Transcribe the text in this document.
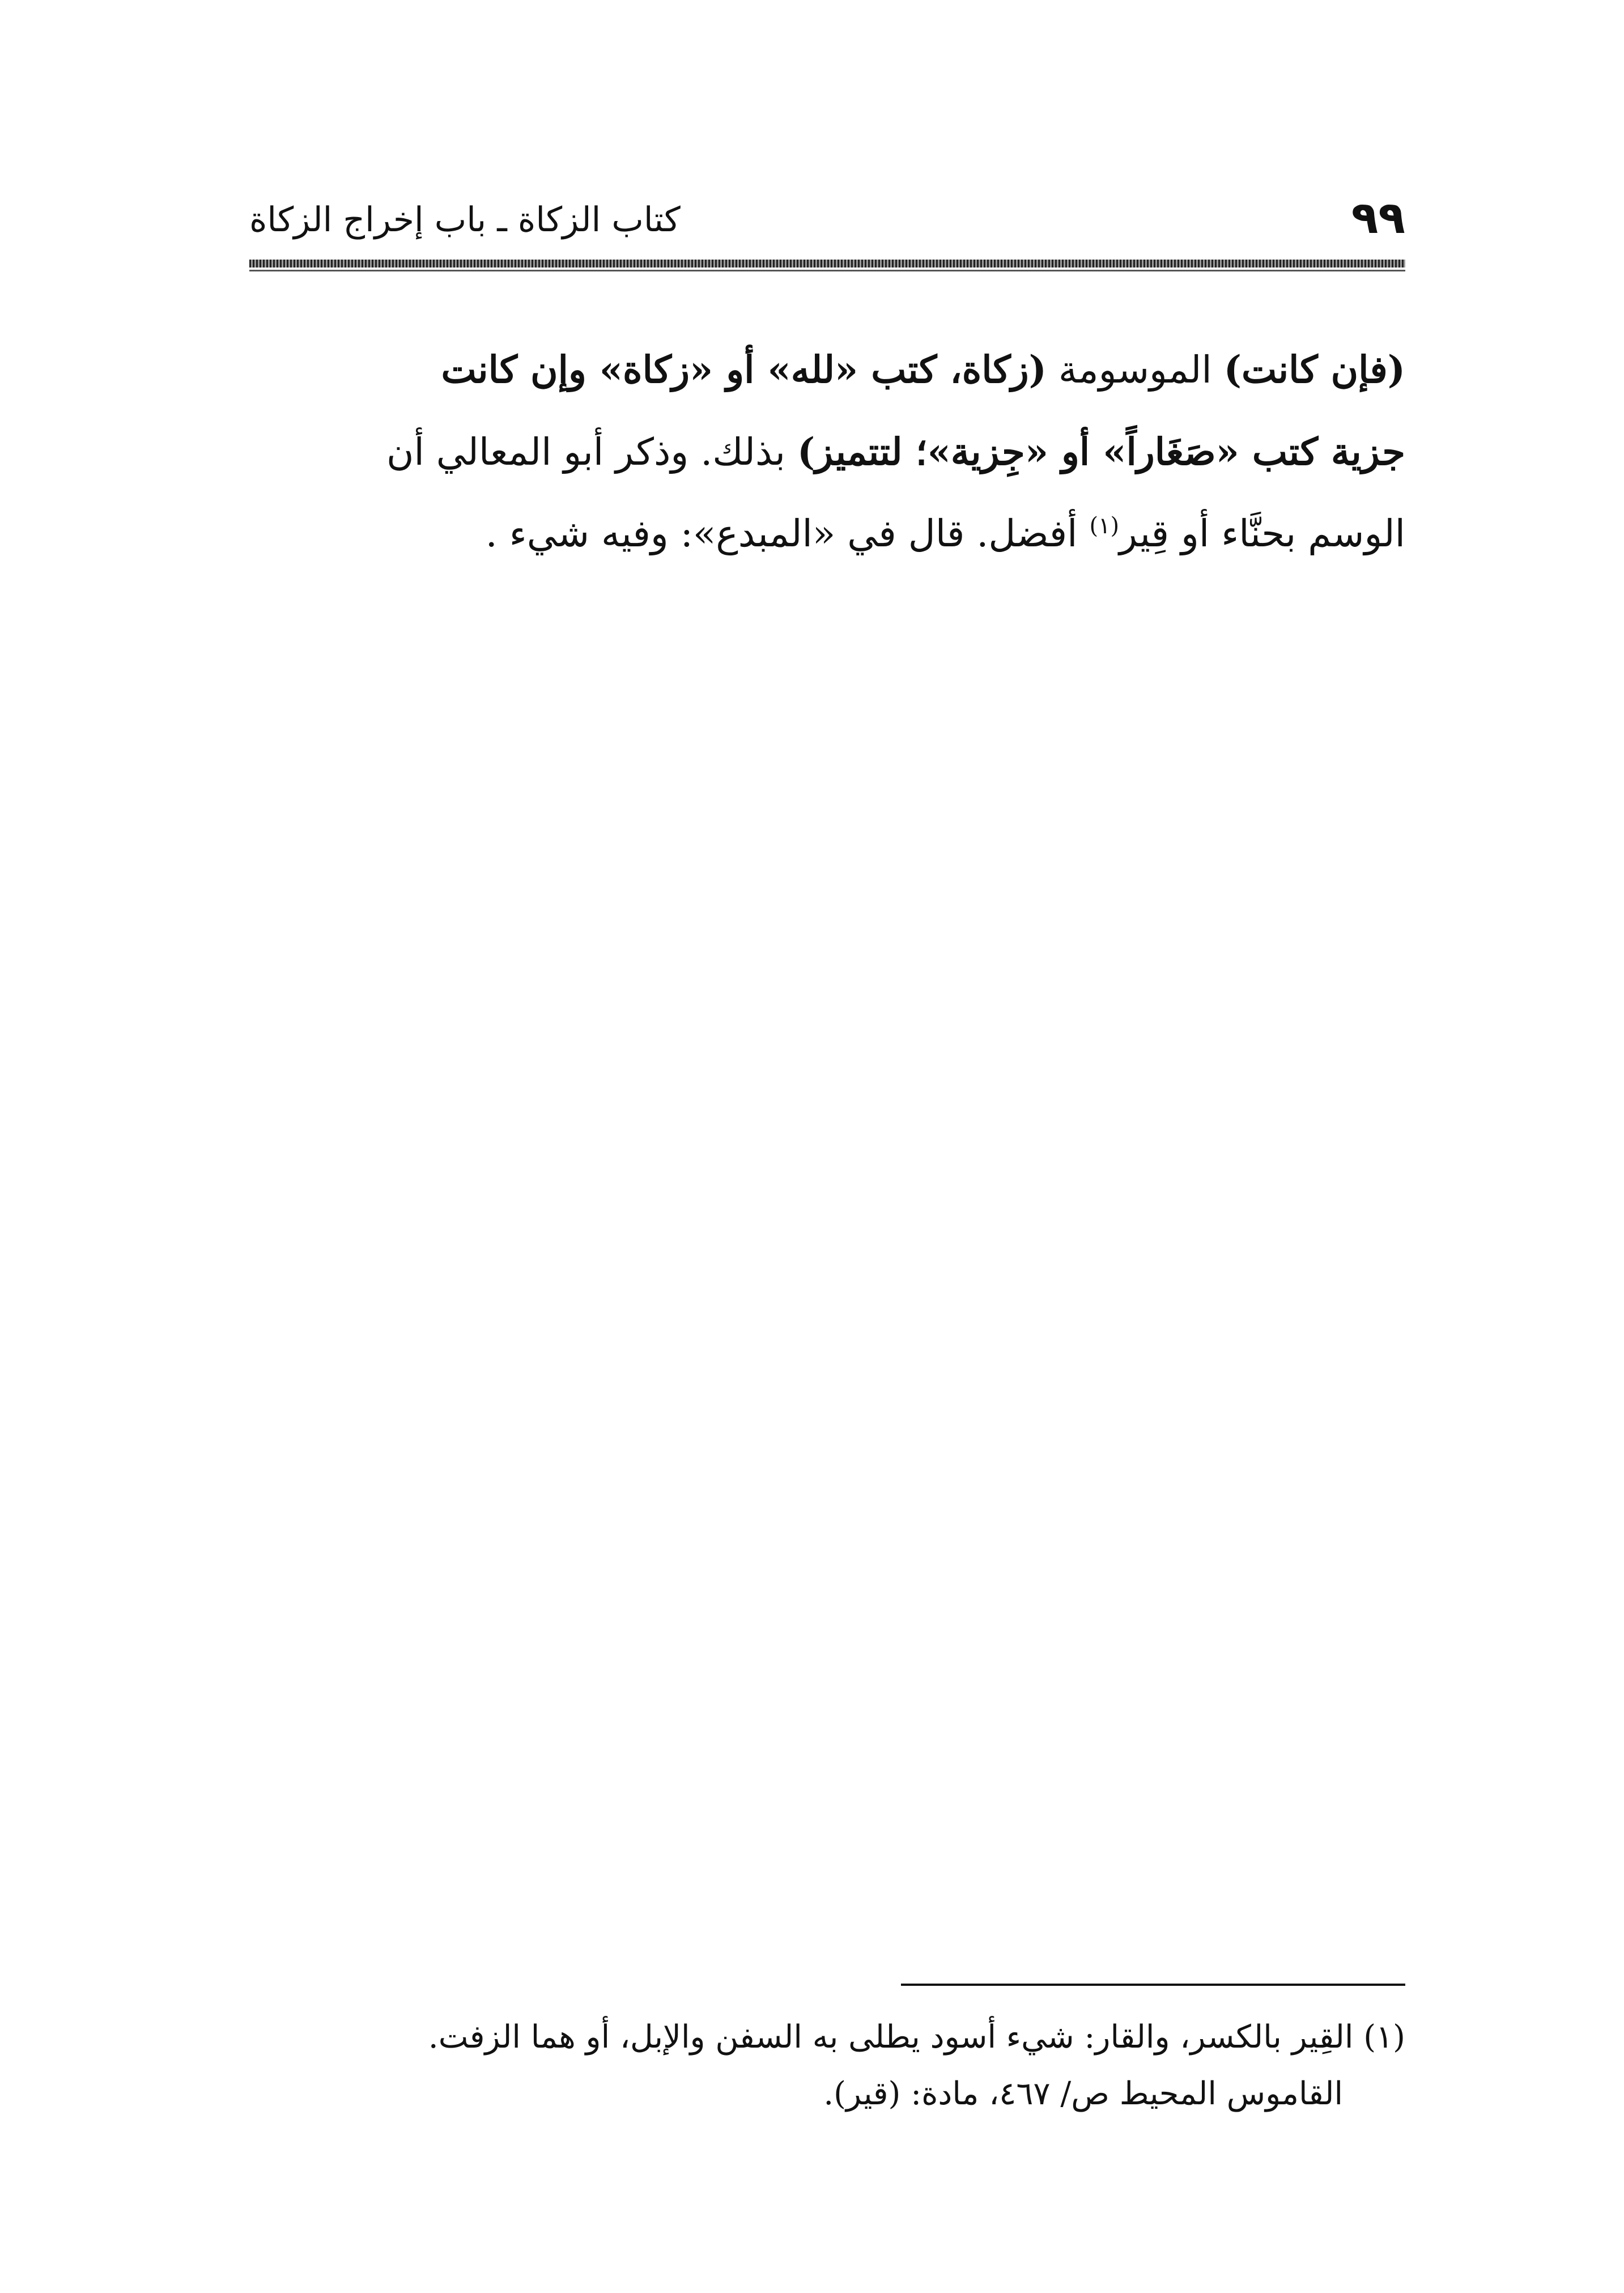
٩٩
كتاب الزكاة ـ باب إخراج الزكاة
(فإن كانت) الموسومة (زكاة، كتب «لله» أو «زكاة» وإن كانت
جزية كتب «صَغَاراً» أو «جِزية»؛ لتتميز) بذلك. وذكر أبو المعالي أن
الوسم بحنَّاء أو قِير$^{(١)}$ أفضل. قال في «المبدع»: وفيه شيء .
(١) القِير بالكسر، والقار: شيء أسود يطلى به السفن والإبل، أو هما الزفت.
القاموس المحيط ص/ ٤٦٧، مادة: (قير).
